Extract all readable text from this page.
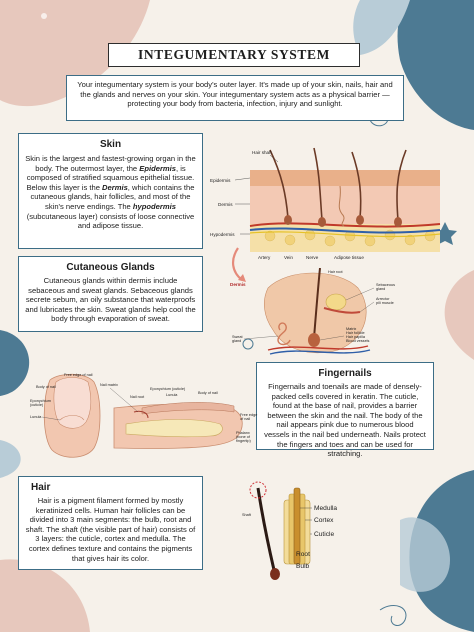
INTEGUMENTARY SYSTEM

Your integumentary system is your body's outer layer. It's made up of your skin, nails, hair and the glands and nerves on your skin. Your integumentary system acts as a physical barrier — protecting your body from bacteria, infection, injury and sunlight.

Skin

Skin is the largest and fastest-growing organ in the body. The outermost layer, the Epidermis, is composed of stratified squamous epithelial tissue. Below this layer is the Dermis, which contains the cutaneous glands, hair follicles, and most of the skin's nerve endings. The hypodermis (subcutaneous layer) consists of loose connective and adipose tissue.

Cutaneous Glands

Cutaneous glands within dermis include sebaceous and sweat glands. Sebaceous glands secrete sebum, an oily substance that waterproofs and lubricates the skin. Sweat glands help cool the body through evaporation of sweat.

Fingernails

Fingernails and toenails are made of densely-packed cells covered in keratin. The cuticle, found at the base of nail, provides a barrier between the skin and the nail. The body of the nail appears pink due to numerous blood vessels in the nail bed underneath. Nails protect the fingers and toes and can be used for stratching.

Hair

Hair is a pigment filament formed by mostly keratinized cells. Human hair follicles can be divided into 3 main segments: the bulb, root and shaft. The shaft (the visible part of hair) consists of 3 layers: the cuticle, cortex and medulla. The cortex defines texture and contains the pigments that gives hair its color.

Hair shaft
Epidermis
Dermis
Hypodermis
Artery	Vein	Nerve	Adipose tissue
Dermis
Hair root
Sebaceous
gland
Arrector
pili muscle
Matrix
Hair follicle
Hair papilla
Blood vessels
Sweat
gland
Free edge of nail
Body of nail	Nail matrix
Eponychium
(cuticle)
Lunula
Eponychium (cuticle)
Lunula
Nail root
Body of nail
Free edge
of nail
Phalanx
(bone of
fingertip)
Shaft
Medulla
Cortex
Cuticle
Root
Bulb
